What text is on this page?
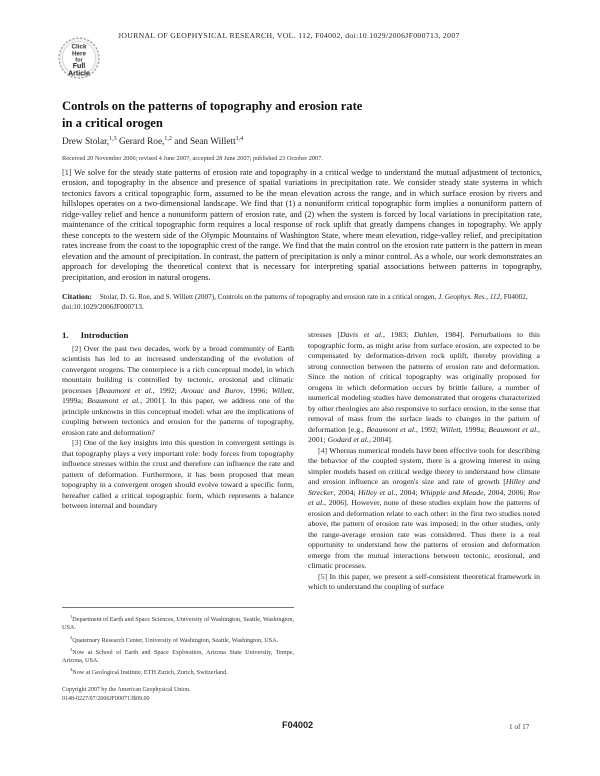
Click
Here
for
Full
Article
JOURNAL OF GEOPHYSICAL RESEARCH, VOL. 112, F04002, doi:10.1029/2006JF000713, 2007
Controls on the patterns of topography and erosion rate
in a critical orogen
Drew Stolar,$^{1,3}$ Gerard Roe,$^{1,2}$ and Sean Willett$^{1,4}$
Received 20 November 2006; revised 4 June 2007; accepted 28 June 2007; published 23 October 2007.
[1] We solve for the steady state patterns of erosion rate and topography in a critical wedge to understand the mutual adjustment of tectonics, erosion, and topography in the absence and presence of spatial variations in precipitation rate. We consider steady state systems in which tectonics favors a critical topographic form, assumed to be the mean elevation across the range, and in which surface erosion by rivers and hillslopes operates on a two-dimensional landscape. We find that (1) a nonuniform critical topographic form implies a nonuniform pattern of ridge-valley relief and hence a nonuniform pattern of erosion rate, and (2) when the system is forced by local variations in precipitation rate, maintenance of the critical topographic form requires a local response of rock uplift that greatly dampens changes in topography. We apply these concepts to the western side of the Olympic Mountains of Washington State, where mean elevation, ridge-valley relief, and precipitation rates increase from the coast to the topographic crest of the range. We find that the main control on the erosion rate pattern is the pattern in mean elevation and the amount of precipitation. In contrast, the pattern of precipitation is only a minor control. As a whole, our work demonstrates an approach for developing the theoretical context that is necessary for interpreting spatial associations between patterns in topography, precipitation, and erosion in natural orogens.
Citation: Stolar, D. G. Roe, and S. Willett (2007), Controls on the patterns of topography and erosion rate in a critical orogen, J. Geophys. Res., 112, F04002, doi:10.1029/2006JF000713.
1. Introduction

[2] Over the past two decades, work by a broad community of Earth scientists has led to an increased understanding of the evolution of convergent orogens. The centerpiece is a rich conceptual model, in which mountain building is controlled by tectonic, erosional and climatic processes [Beaumont et al., 1992; Avouac and Burov, 1996; Willett, 1999a; Beaumont et al., 2001]. In this paper, we address one of the principle unknowns in this conceptual model: what are the implications of coupling between tectonics and erosion for the patterns of topography, erosion rate and deformation?

[3] One of the key insights into this question in convergent settings is that topography plays a very important role: body forces from topography influence stresses within the crust and therefore can influence the rate and pattern of deformation. Furthermore, it has been proposed that mean topography in a convergent orogen should evolve toward a specific form, hereafter called a critical topographic form, which represents a balance between internal and boundary

stresses [Davis et al., 1983; Dahlen, 1984]. Perturbations to this topographic form, as might arise from surface erosion, are expected to be compensated by deformation-driven rock uplift, thereby providing a strong connection between the patterns of erosion rate and deformation. Since the notion of critical topography was originally proposed for orogens in which deformation occurs by brittle failure, a number of numerical modeling studies have demonstrated that orogens characterized by other rheologies are also responsive to surface erosion, in the sense that removal of mass from the surface leads to changes in the pattern of deformation [e.g., Beaumont et al., 1992; Willett, 1999a; Beaumont et al., 2001; Godard et al., 2004].

[4] Whereas numerical models have been effective tools for describing the behavior of the coupled system, there is a growing interest in using simpler models based on critical wedge theory to understand how climate and erosion influence an orogen's size and rate of growth [Hilley and Strecker, 2004; Hilley et al., 2004; Whipple and Meade, 2004, 2006; Roe et al., 2006]. However, none of these studies explain how the patterns of erosion and deformation relate to each other: in the first two studies noted above, the pattern of erosion rate was imposed; in the other studies, only the range-average erosion rate was considered. Thus there is a real opportunity to understand how the patterns of erosion and deformation emerge from the mutual interactions between tectonic, erosional, and climatic processes.

[5] In this paper, we present a self-consistent theoretical framework in which to understand the coupling of surface

$^1$Department of Earth and Space Sciences, University of Washington, Seattle, Washington, USA.

$^2$Quaternary Research Center, University of Washington, Seattle, Washington, USA.

$^3$Now at School of Earth and Space Exploration, Arizona State University, Tempe, Arizona, USA.

$^4$Now at Geological Institute, ETH Zurich, Zurich, Switzerland.

Copyright 2007 by the American Geophysical Union.
0148-0227/07/2006JF000713$09.00
F04002	1 of 17
